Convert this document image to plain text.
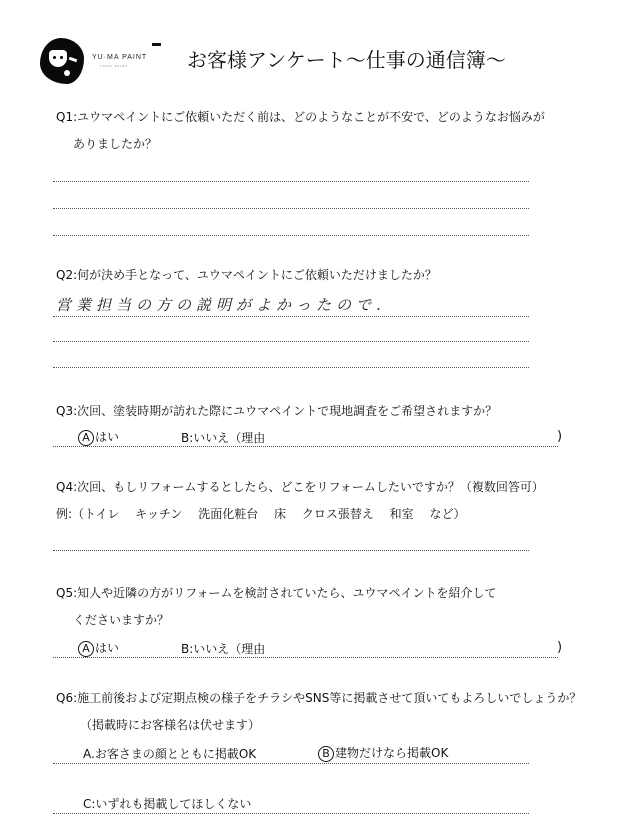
YU·MA PAINT
YUMA PAINT	お客様アンケート～仕事の通信簿～
Q1:ユウマペイントにご依頼いただく前は、どのようなことが不安で、どのようなお悩みが
ありましたか？
Q2:何が決め手となって、ユウマペイントにご依頼いただけましたか？
営業担当の方の説明がよかったので.
Q3:次回、塗装時期が訪れた際にユウマペイントで現地調査をご希望されますか？
A はい	B:いいえ（理由	)
Q4:次回、もしリフォームするとしたら、どこをリフォームしたいですか？（複数回答可）
例:（トイレ　 キッチン　 洗面化粧台　 床　 クロス張替え　 和室　 など）
Q5:知人や近隣の方がリフォームを検討されていたら、ユウマペイントを紹介して
くださいますか？
A はい	B:いいえ（理由	)
Q6:施工前後および定期点検の様子をチラシやSNS等に掲載させて頂いてもよろしいでしょうか？
（掲載時にお客様名は伏せます）
A.お客さまの顔とともに掲載OK	B 建物だけなら掲載OK
C:いずれも掲載してほしくない
